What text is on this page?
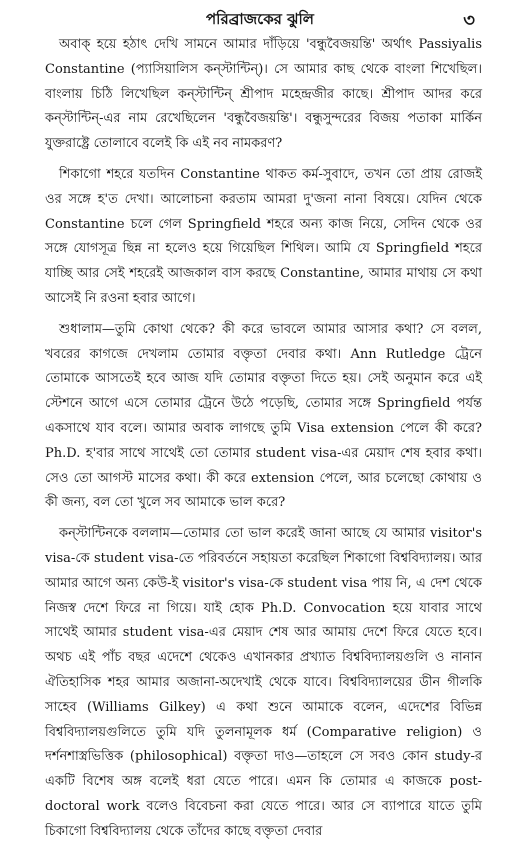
পরিব্রাজকের ঝুলি	৩

অবাক্ হয়ে হঠাৎ দেখি সামনে আমার দাঁড়িয়ে 'বন্ধুবৈজয়ন্তি' অর্থাৎ Passiyalis Constantine (প্যাসিয়ালিস কন্‌স্টান্টিন্)। সে আমার কাছ থেকে বাংলা শিখেছিল। বাংলায় চিঠি লিখেছিল কন্‌স্টান্টিন্ শ্রীপাদ মহেন্দ্রজীর কাছে। শ্রীপাদ আদর করে কন্‌স্টান্টিন্-এর নাম রেখেছিলেন 'বন্ধুবৈজয়ন্তি'। বন্ধুসুন্দরের বিজয় পতাকা মার্কিন যুক্তরাষ্ট্রে তোলাবে বলেই কি এই নব নামকরণ?

শিকাগো শহরে যতদিন Constantine থাকত কর্ম-সুবাদে, তখন তো প্রায় রোজই ওর সঙ্গে হ'ত দেখা। আলোচনা করতাম আমরা দু'জনা নানা বিষয়ে। যেদিন থেকে Constantine চলে গেল Springfield শহরে অন্য কাজ নিয়ে, সেদিন থেকে ওর সঙ্গে যোগসূত্র ছিন্ন না হলেও হয়ে গিয়েছিল শিথিল। আমি যে Springfield শহরে যাচ্ছি আর সেই শহরেই আজকাল বাস করছে Constantine, আমার মাথায় সে কথা আসেই নি রওনা হবার আগে।

শুধালাম—তুমি কোথা থেকে? কী করে ভাবলে আমার আসার কথা? সে বলল, খবরের কাগজে দেখলাম তোমার বক্তৃতা দেবার কথা। Ann Rutledge ট্রেনে তোমাকে আসতেই হবে আজ যদি তোমার বক্তৃতা দিতে হয়। সেই অনুমান করে এই স্টেশনে আগে এসে তোমার ট্রেনে উঠে পড়েছি, তোমার সঙ্গে Springfield পর্যন্ত একসাথে যাব বলে। আমার অবাক লাগছে তুমি Visa extension পেলে কী করে? Ph.D. হ'বার সাথে সাথেই তো তোমার student visa-এর মেয়াদ শেষ হবার কথা। সেও তো আগস্ট মাসের কথা। কী করে extension পেলে, আর চলেছো কোথায় ও কী জন্য, বল তো খুলে সব আমাকে ভাল করে?

কন্‌স্টান্টিনকে বললাম—তোমার তো ভাল করেই জানা আছে যে আমার visitor's visa-কে student visa-তে পরিবর্তনে সহায়তা করেছিল শিকাগো বিশ্ববিদ্যালয়। আর আমার আগে অন্য কেউ-ই visitor's visa-কে student visa পায় নি, এ দেশ থেকে নিজস্ব দেশে ফিরে না গিয়ে। যাই হোক Ph.D. Convocation হয়ে যাবার সাথে সাথেই আমার student visa-এর মেয়াদ শেষ আর আমায় দেশে ফিরে যেতে হবে। অথচ এই পাঁচ বছর এদেশে থেকেও এখানকার প্রখ্যাত বিশ্ববিদ্যালয়গুলি ও নানান ঐতিহাসিক শহর আমার অজানা-অদেখাই থেকে যাবে। বিশ্ববিদ্যালয়ের ডীন গীলকি সাহেব (Williams Gilkey) এ কথা শুনে আমাকে বলেন, এদেশের বিভিন্ন বিশ্ববিদ্যালয়গুলিতে তুমি যদি তুলনামূলক ধর্ম (Comparative religion) ও দর্শনশাস্ত্রভিত্তিক (philosophical) বক্তৃতা দাও—তাহলে সে সবও কোন study-র একটি বিশেষ অঙ্গ বলেই ধরা যেতে পারে। এমন কি তোমার এ কাজকে post-doctoral work বলেও বিবেচনা করা যেতে পারে। আর সে ব্যাপারে যাতে তুমি চিকাগো বিশ্ববিদ্যালয় থেকে তাঁদের কাছে বক্তৃতা দেবার
